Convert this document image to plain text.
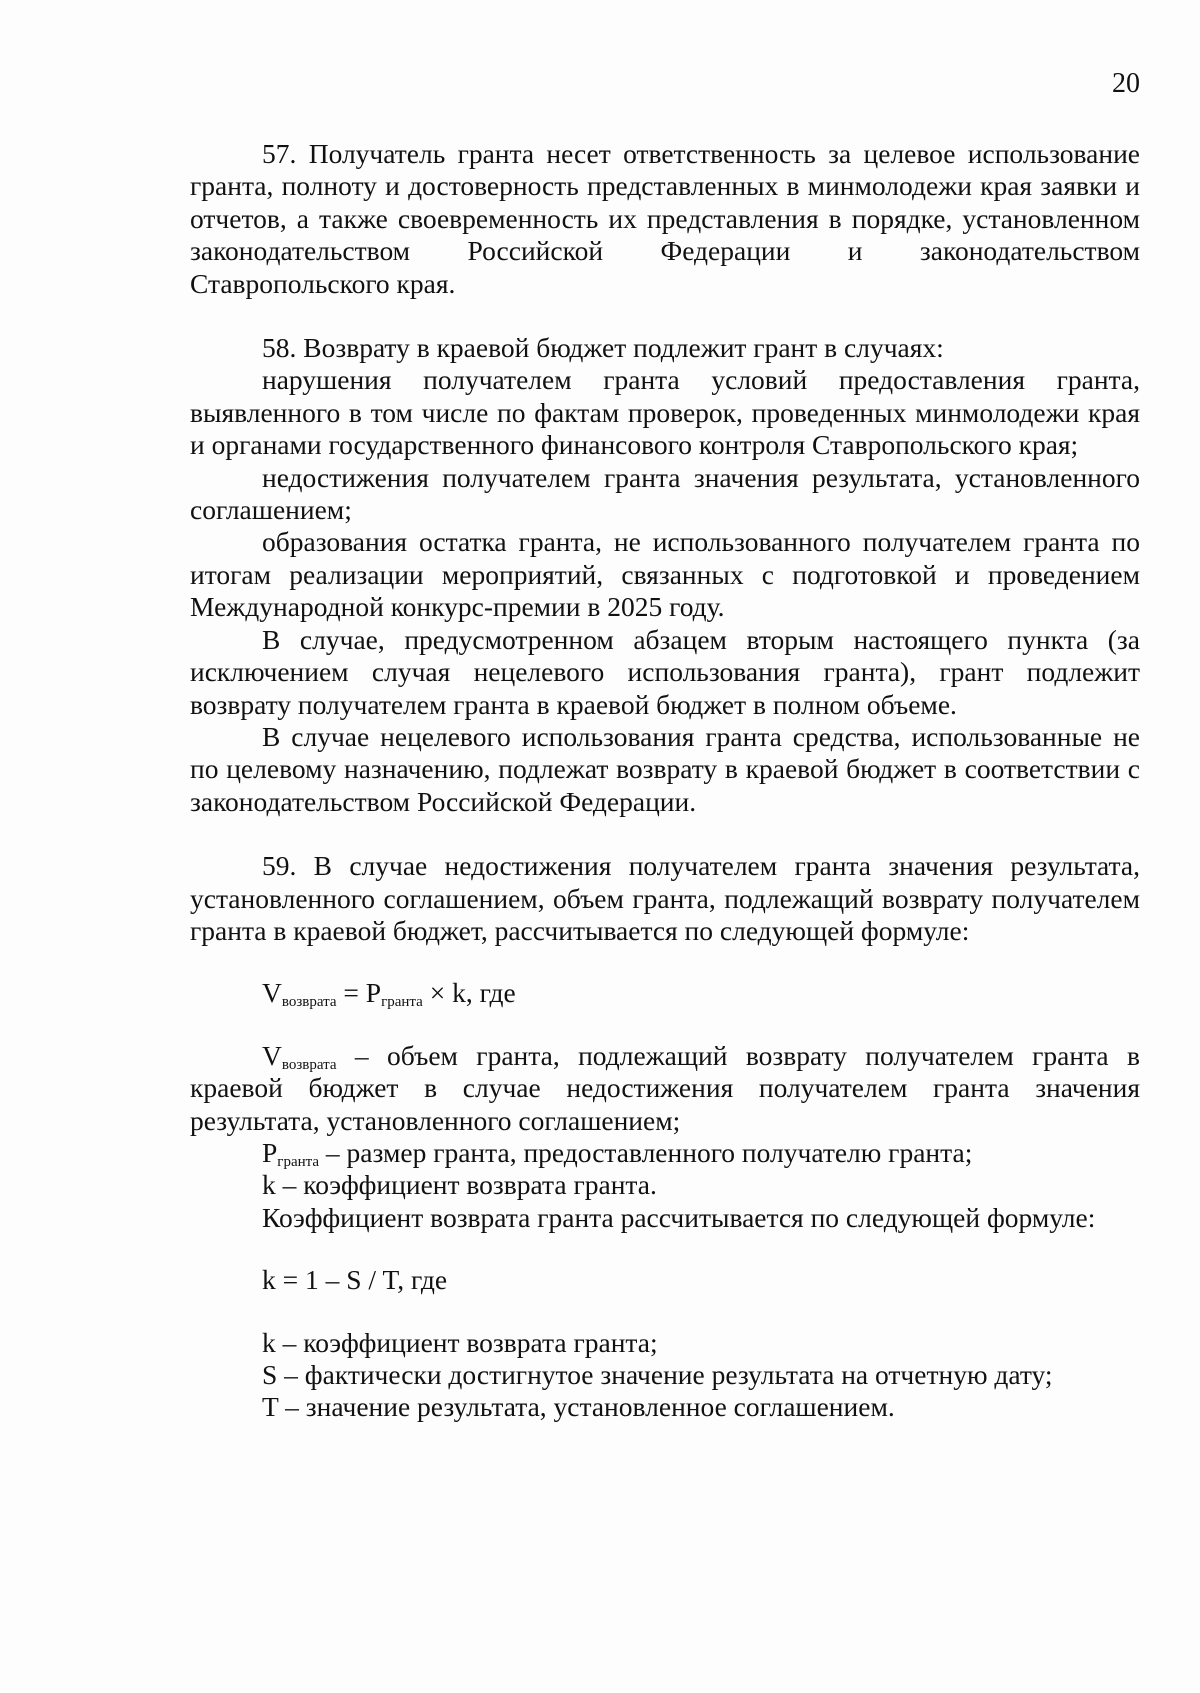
20

57. Получатель гранта несет ответственность за целевое использование гранта, полноту и достоверность представленных в минмолодежи края заявки и отчетов, а также своевременность их представления в порядке, установленном законодательством Российской Федерации и законодательством Ставропольского края.

58. Возврату в краевой бюджет подлежит грант в случаях:

нарушения получателем гранта условий предоставления гранта, выявленного в том числе по фактам проверок, проведенных минмолодежи края и органами государственного финансового контроля Ставропольского края;

недостижения получателем гранта значения результата, установленного соглашением;

образования остатка гранта, не использованного получателем гранта по итогам реализации мероприятий, связанных с подготовкой и проведением Международной конкурс-премии в 2025 году.

В случае, предусмотренном абзацем вторым настоящего пункта (за исключением случая нецелевого использования гранта), грант подлежит возврату получателем гранта в краевой бюджет в полном объеме.

В случае нецелевого использования гранта средства, использованные не по целевому назначению, подлежат возврату в краевой бюджет в соответствии с законодательством Российской Федерации.

59. В случае недостижения получателем гранта значения результата, установленного соглашением, объем гранта, подлежащий возврату получателем гранта в краевой бюджет, рассчитывается по следующей формуле:

$V_{возврата} = P_{гранта} \times k$, где

$V_{возврата}$ – объем гранта, подлежащий возврату получателем гранта в краевой бюджет в случае недостижения получателем гранта значения результата, установленного соглашением;

$P_{гранта}$ – размер гранта, предоставленного получателю гранта;
k – коэффициент возврата гранта.
Коэффициент возврата гранта рассчитывается по следующей формуле:
k = 1 – S / T, где
k – коэффициент возврата гранта;
S – фактически достигнутое значение результата на отчетную дату;
T – значение результата, установленное соглашением.
